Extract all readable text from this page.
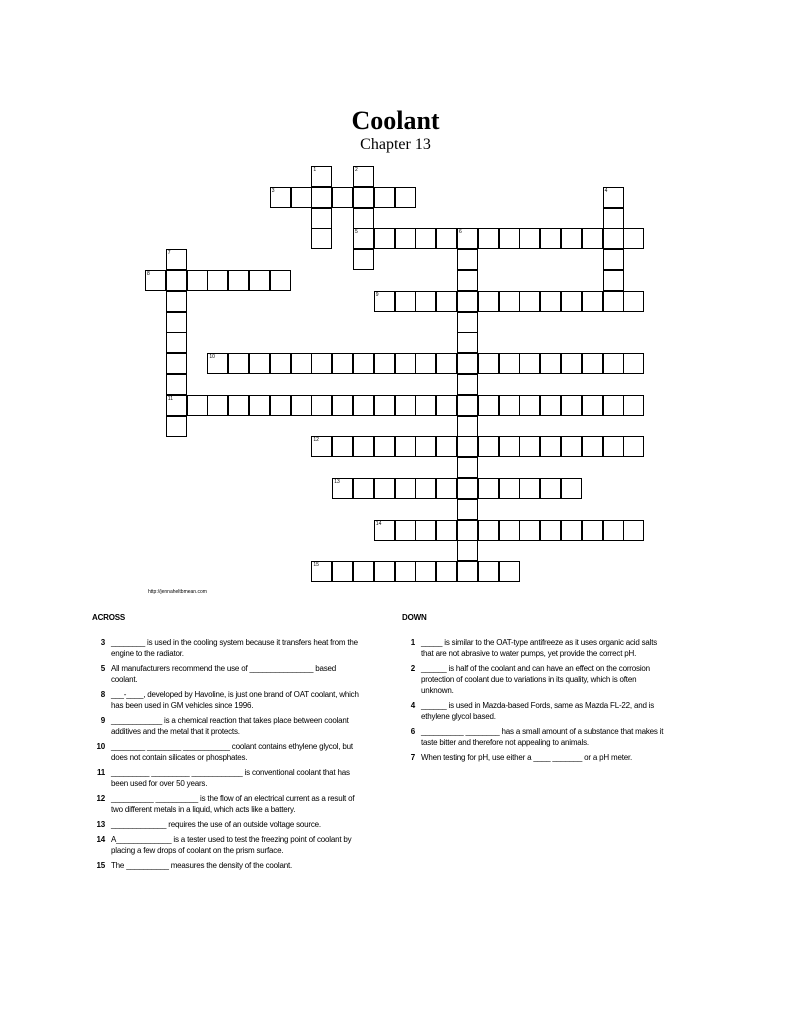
Coolant
Chapter 13
1	2
5
3	4
6
7
11
8
9
10
12
13
14
15
http://jennaheltbmean.com
ACROSS
3 ________ is used in the cooling system because it transfers heat from the engine to the radiator.
5 All manufacturers recommend the use of _______________ based coolant.
8 ___-____, developed by Havoline, is just one brand of OAT coolant, which has been used in GM vehicles since 1996.
9 ____________ is a chemical reaction that takes place between coolant additives and the metal that it protects.
10 ________ ________ ___________ coolant contains ethylene glycol, but does not contain silicates or phosphates.
11 _________ _________ ____________ is conventional coolant that has been used for over 50 years.
12 __________ __________ is the flow of an electrical current as a result of two different metals in a liquid, which acts like a battery.
13 _____________ requires the use of an outside voltage source.
14 A_____________ is a tester used to test the freezing point of coolant by placing a few drops of coolant on the prism surface.
15 The __________ measures the density of the coolant.
DOWN
1 _____ is similar to the OAT-type antifreeze as it uses organic acid salts that are not abrasive to water pumps, yet provide the correct pH.
2 ______ is half of the coolant and can have an effect on the corrosion protection of coolant due to variations in its quality, which is often unknown.
4 ______ is used in Mazda-based Fords, same as Mazda FL-22, and is ethylene glycol based.
6 __________ ________ has a small amount of a substance that makes it taste bitter and therefore not appealing to animals.
7 When testing for pH, use either a ____ _______ or a pH meter.
